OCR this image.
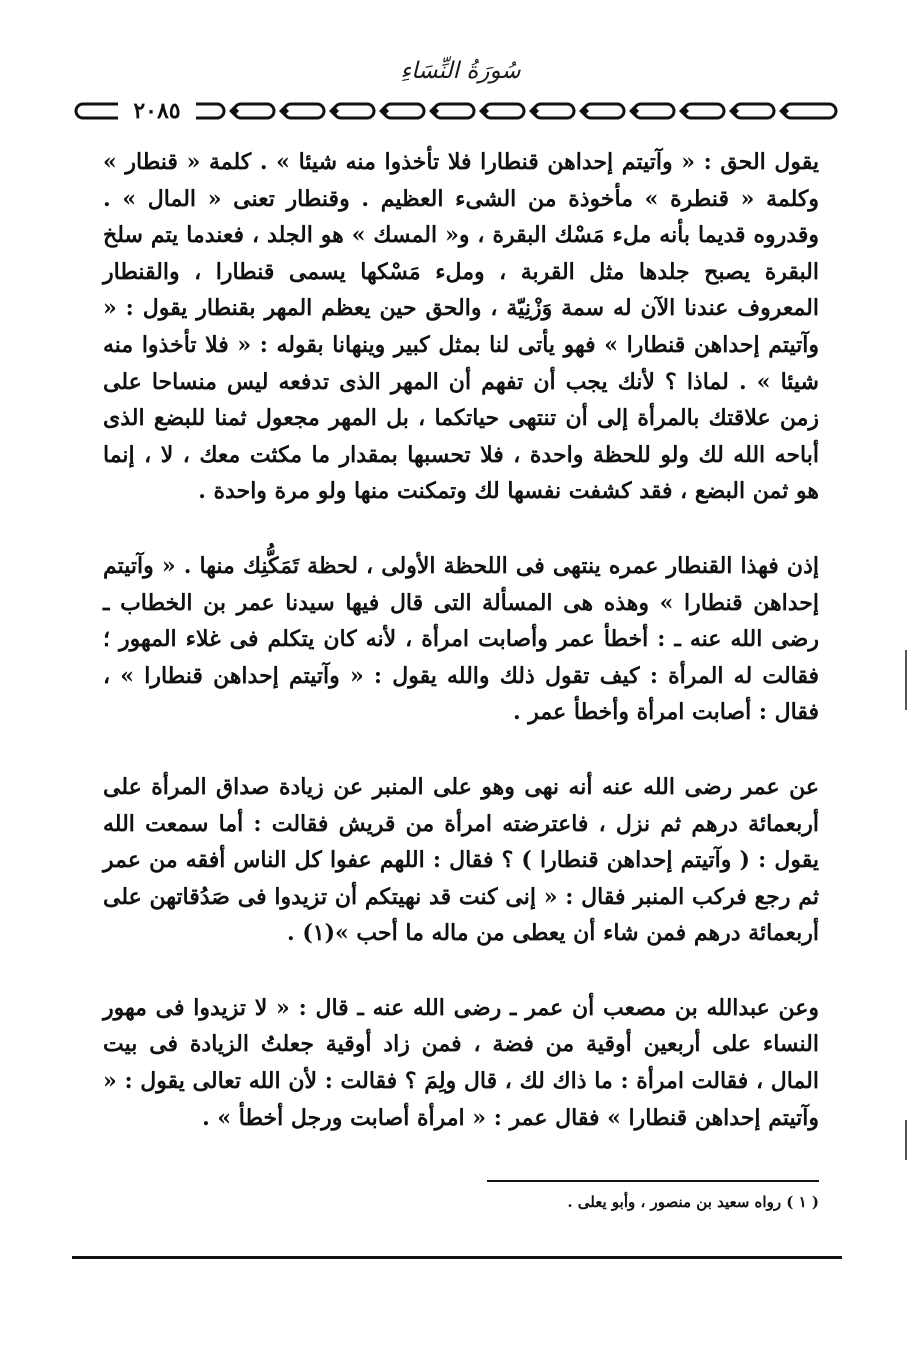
سُورَةُ النِّسَاءِ
٢٠٨٥

يقول الحق : « وآتيتم إحداهن قنطارا فلا تأخذوا منه شيئا » . كلمة « قنطار » وكلمة « قنطرة » مأخوذة من الشىء العظيم . وقنطار تعنى « المال » . وقدروه قديما بأنه ملء مَسْك البقرة ، و« المسك » هو الجلد ، فعندما يتم سلخ البقرة يصبح جلدها مثل القربة ، وملء مَسْكها يسمى قنطارا ، والقنطار المعروف عندنا الآن له سمة وَزْنِيّة ، والحق حين يعظم المهر بقنطار يقول : « وآتيتم إحداهن قنطارا » فهو يأتى لنا بمثل كبير وينهانا بقوله : « فلا تأخذوا منه شيئا » . لماذا ؟ لأنك يجب أن تفهم أن المهر الذى تدفعه ليس منساحا على زمن علاقتك بالمرأة إلى أن تنتهى حياتكما ، بل المهر مجعول ثمنا للبضع الذى أباحه الله لك ولو للحظة واحدة ، فلا تحسبها بمقدار ما مكثت معك ، لا ، إنما هو ثمن البضع ، فقد كشفت نفسها لك وتمكنت منها ولو مرة واحدة .

إذن فهذا القنطار عمره ينتهى فى اللحظة الأولى ، لحظة تَمَكُّنِك منها . « وآتيتم إحداهن قنطارا » وهذه هى المسألة التى قال فيها سيدنا عمر بن الخطاب ـ رضى الله عنه ـ : أخطأ عمر وأصابت امرأة ، لأنه كان يتكلم فى غلاء المهور ؛ فقالت له المرأة : كيف تقول ذلك والله يقول : « وآتيتم إحداهن قنطارا » ، فقال : أصابت امرأة وأخطأ عمر .

عن عمر رضى الله عنه أنه نهى وهو على المنبر عن زيادة صداق المرأة على أربعمائة درهم ثم نزل ، فاعترضته امرأة من قريش فقالت : أما سمعت الله يقول : ( وآتيتم إحداهن قنطارا ) ؟ فقال : اللهم عفوا كل الناس أفقه من عمر ثم رجع فركب المنبر فقال : « إنى كنت قد نهيتكم أن تزيدوا فى صَدُقاتهن على أربعمائة درهم فمن شاء أن يعطى من ماله ما أحب »(١) .

وعن عبدالله بن مصعب أن عمر ـ رضى الله عنه ـ قال : « لا تزيدوا فى مهور النساء على أربعين أوقية من فضة ، فمن زاد أوقية جعلتُ الزيادة فى بيت المال ، فقالت امرأة : ما ذاك لك ، قال ولِمَ ؟ فقالت : لأن الله تعالى يقول : « وآتيتم إحداهن قنطارا » فقال عمر : « امرأة أصابت ورجل أخطأ » .

( ١ ) رواه سعيد بن منصور ، وأبو يعلى .
